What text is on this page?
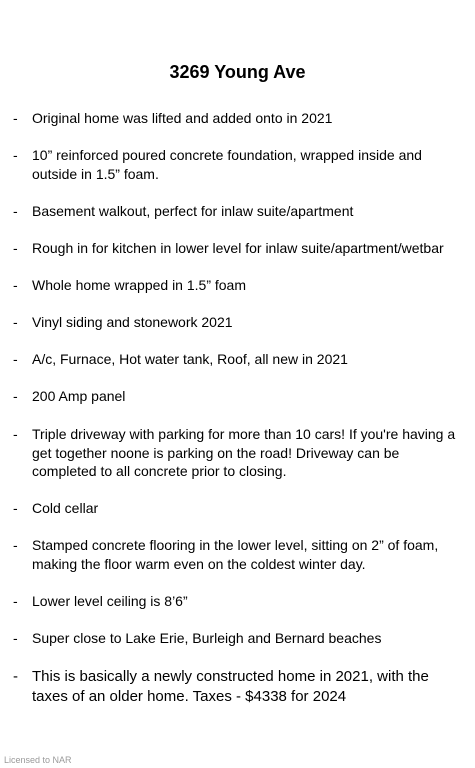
3269 Young Ave
- Original home was lifted and added onto in 2021
- 10” reinforced poured concrete foundation, wrapped inside and outside in 1.5” foam.
- Basement walkout, perfect for inlaw suite/apartment
- Rough in for kitchen in lower level for inlaw suite/apartment/wetbar
- Whole home wrapped in 1.5” foam
- Vinyl siding and stonework 2021
- A/c, Furnace, Hot water tank, Roof, all new in 2021
- 200 Amp panel
- Triple driveway with parking for more than 10 cars! If you're having a get together noone is parking on the road! Driveway can be completed to all concrete prior to closing.
- Cold cellar
- Stamped concrete flooring in the lower level, sitting on 2” of foam, making the floor warm even on the coldest winter day.
- Lower level ceiling is 8’6”
- Super close to Lake Erie, Burleigh and Bernard beaches
- This is basically a newly constructed home in 2021, with the taxes of an older home. Taxes - $4338 for 2024
Licensed to NAR
